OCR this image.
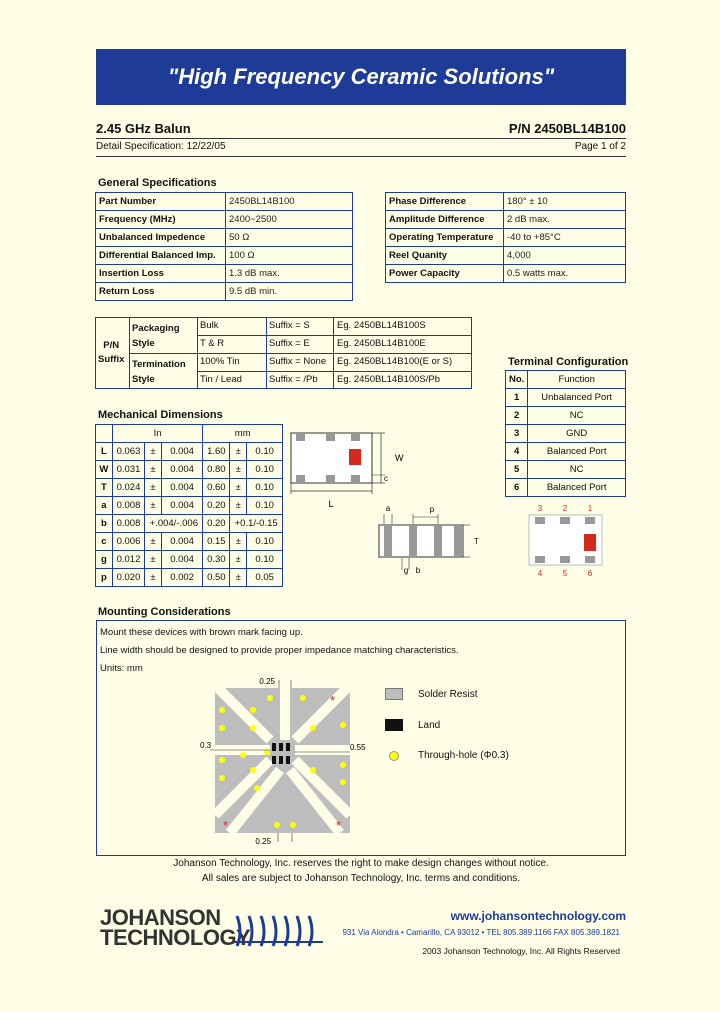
"High Frequency Ceramic Solutions"
2.45 GHz Balun	P/N 2450BL14B100
Detail Specification: 12/22/05	Page 1 of 2
General Specifications
Part Number	2450BL14B100
Frequency (MHz)	2400~2500
Unbalanced Impedence	50 Ω
Differential Balanced Imp.	100 Ω
Insertion Loss	1.3 dB max.
Return Loss	9.5 dB min.
Phase Difference	180° ± 10
Amplitude Difference	2 dB max.
Operating Temperature	-40 to +85°C
Reel Quanity	4,000
Power Capacity	0.5 watts max.
P/N
Suffix
Packaging
Style
Termination
Style
Bulk	Suffix = S	Eg. 2450BL14B100S
T & R	Suffix = E	Eg. 2450BL14B100E
100% Tin	Suffix = None Eg. 2450BL14B100(E or S)
Tin / Lead	Suffix = /Pb Eg. 2450BL14B100S/Pb
Terminal Configuration
No.	Function
1	Unbalanced Port
2	NC
3	GND
4	Balanced Port
5	NC
6	Balanced Port
3	2	1
4	5	6
Mechanical Dimensions
	In			mm		
L	0.063	±	0.004	1.60	±	0.10
W	0.031	±	0.004	0.80	±	0.10
T	0.024	±	0.004	0.60	±	0.10
a	0.008	±	0.004	0.20	±	0.10
b	0.008	+.004/-.006		0.20	+0.1/-0.15	
c	0.006	±	0.004	0.15	±	0.10
g	0.012	±	0.004	0.30	±	0.10
p	0.020	±	0.002	0.50	±	0.05
W
c
L	a	p
T
g b
Mounting Considerations

Mount these devices with brown mark facing up.

Line width should be designed to provide proper impedance matching characteristics.

Units: mm

*
*	*
0.25
0.3	0.55
0.25
Solder Resist
Land
Through-hole (Φ0.3)
Johanson Technology, Inc. reserves the right to make design changes without notice.
All sales are subject to Johanson Technology, Inc. terms and conditions.
JOHANSON
TECHNOLOGY
www.johansontechnology.com
931 Via Alondra • Camarillo, CA 93012 • TEL 805.389.1166 FAX 805.389.1821
2003 Johanson Technology, Inc. All Rights Reserved
